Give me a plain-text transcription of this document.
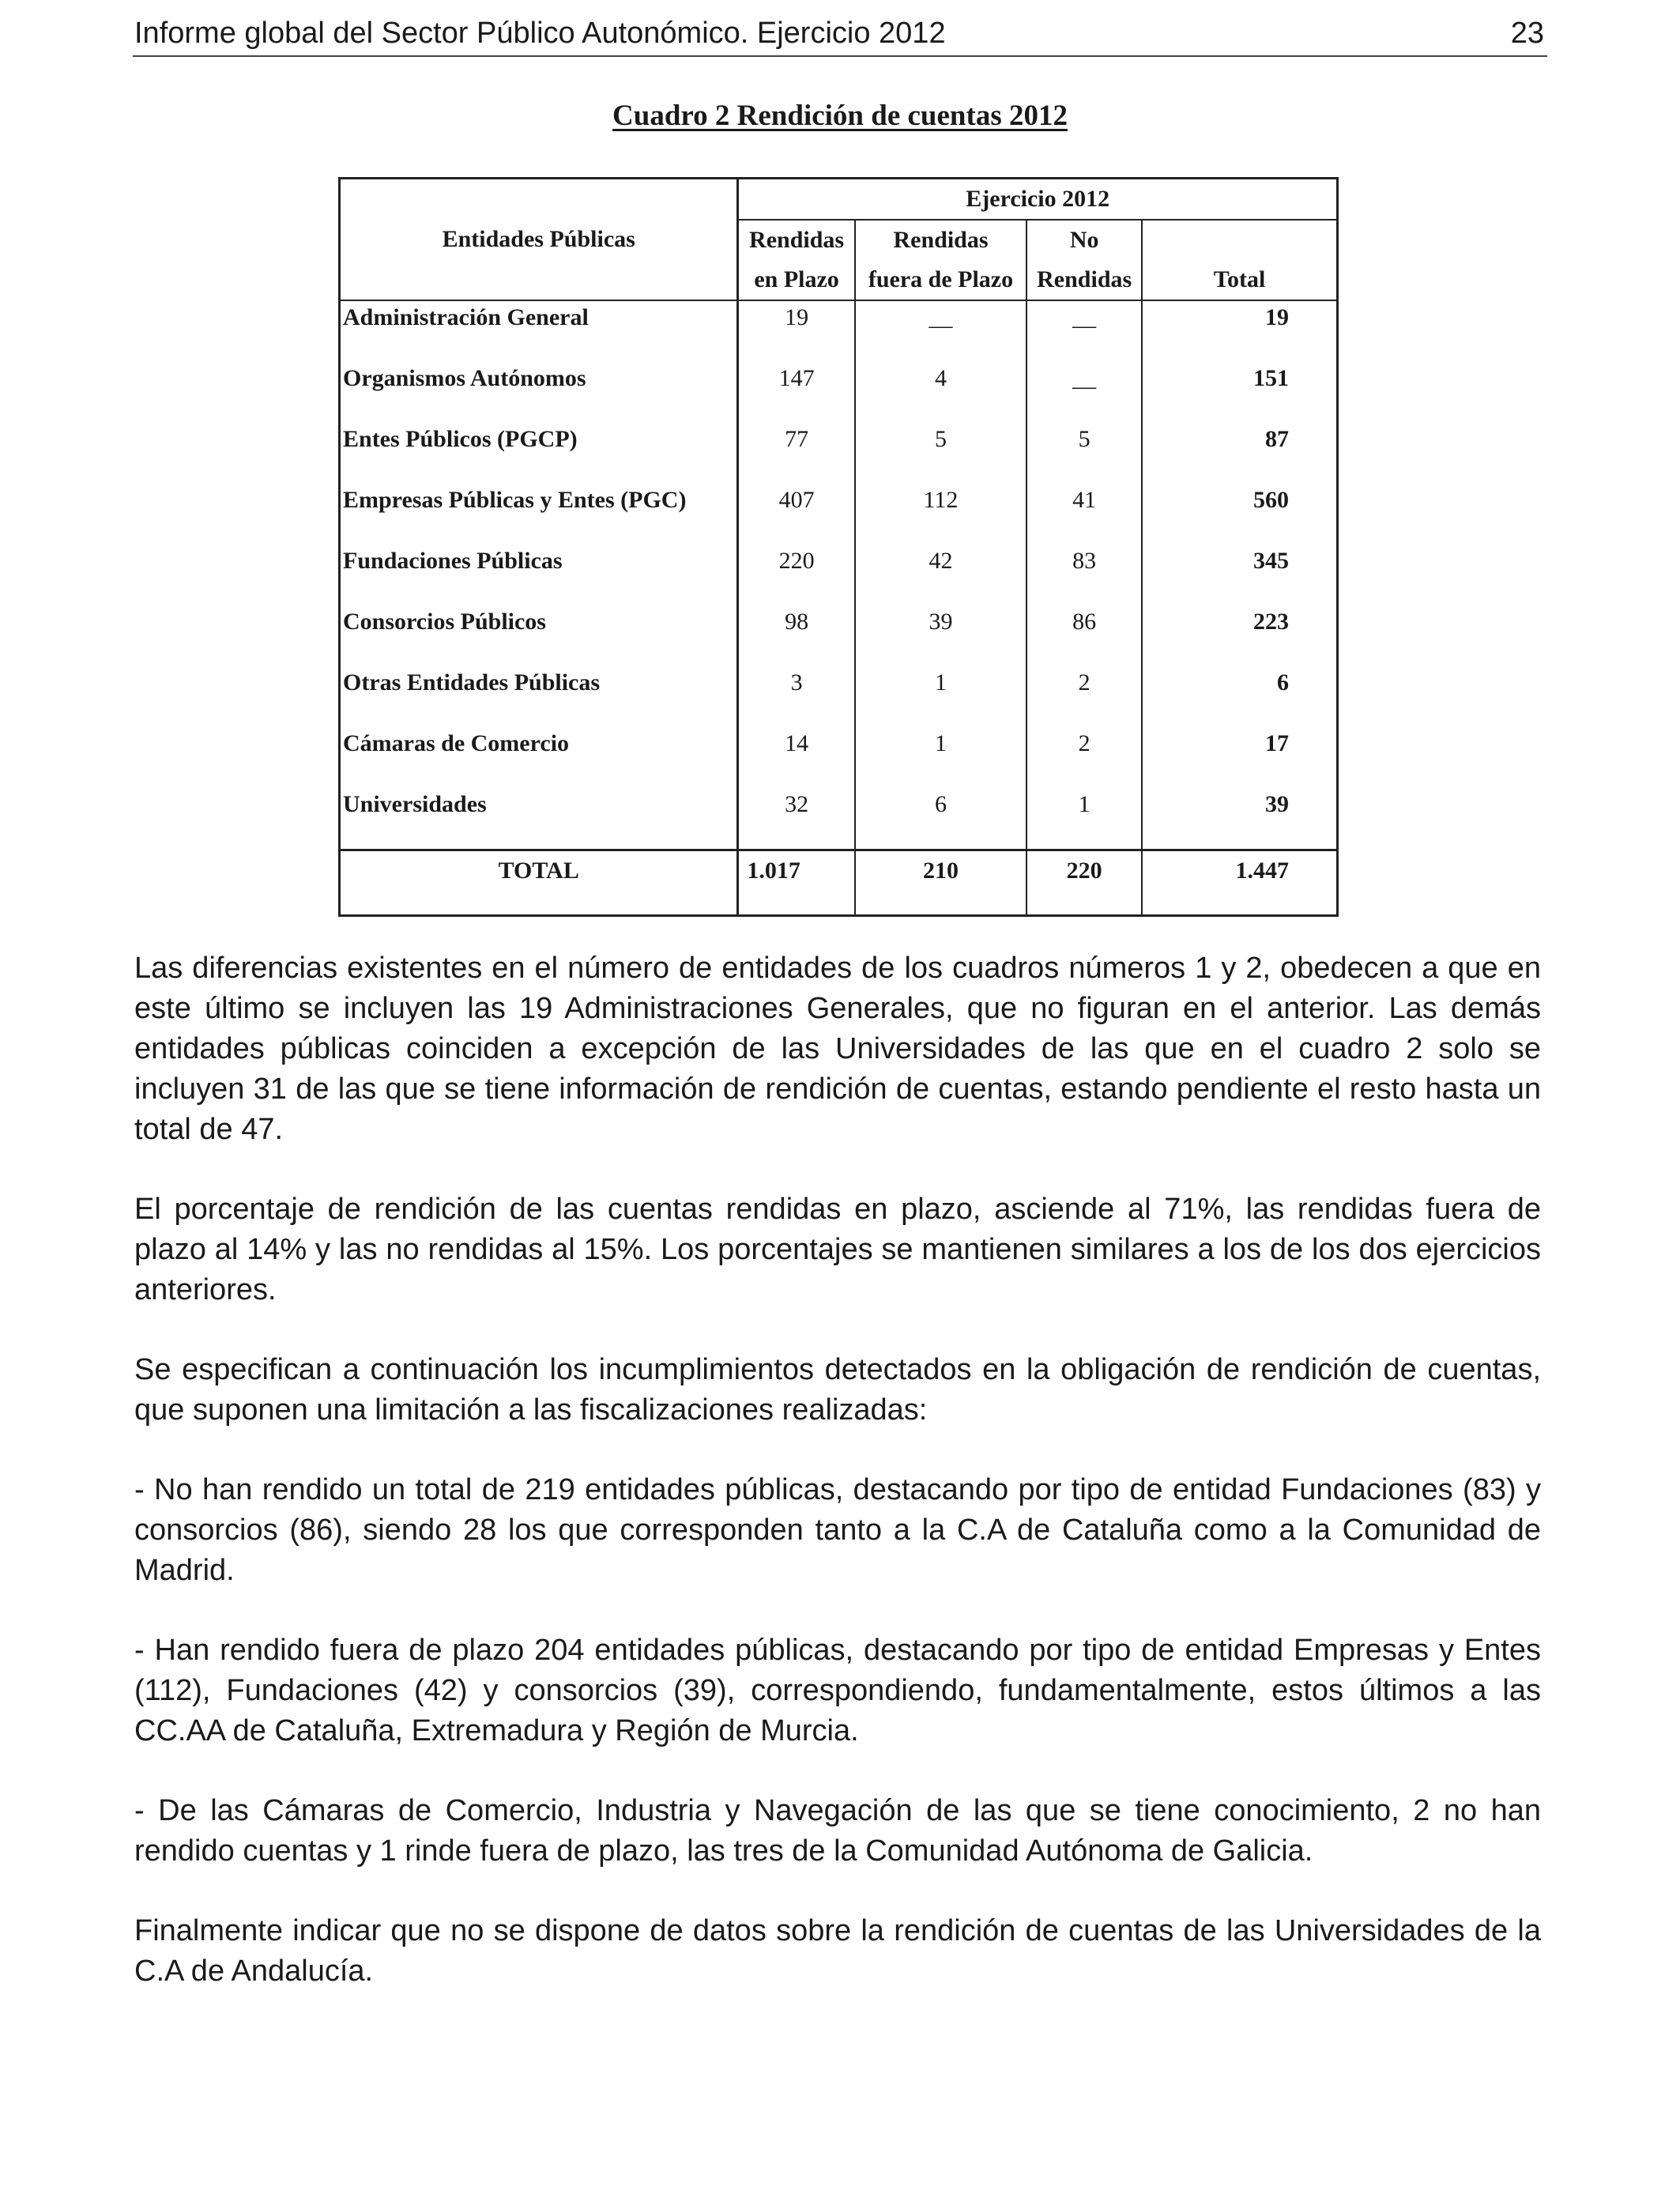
Informe global del Sector Público Autonómico. Ejercicio 2012	23
Cuadro 2 Rendición de cuentas 2012
Entidades Públicas	Ejercicio 2012			
	Rendidas	Rendidas	No	
	en Plazo	fuera de Plazo	Rendidas	Total
Administración General	19	__	__	19
Organismos Autónomos	147	4	__	151
Entes Públicos (PGCP)	77	5	5	87
Empresas Públicas y Entes (PGC)	407	112	41	560
Fundaciones Públicas	220	42	83	345
Consorcios Públicos	98	39	86	223
Otras Entidades Públicas	3	1	2	6
Cámaras de Comercio	14	1	2	17
Universidades	32	6	1	39
TOTAL	1.017	210	220	1.447

Las diferencias existentes en el número de entidades de los cuadros números 1 y 2, obedecen a que en este último se incluyen las 19 Administraciones Generales, que no figuran en el anterior. Las demás entidades públicas coinciden a excepción de las Universidades de las que en el cuadro 2 solo se incluyen 31 de las que se tiene información de rendición de cuentas, estando pendiente el resto hasta un total de 47.

El porcentaje de rendición de las cuentas rendidas en plazo, asciende al 71%, las rendidas fuera de plazo al 14% y las no rendidas al 15%. Los porcentajes se mantienen similares a los de los dos ejercicios anteriores.

Se especifican a continuación los incumplimientos detectados en la obligación de rendición de cuentas, que suponen una limitación a las fiscalizaciones realizadas:

- No han rendido un total de 219 entidades públicas, destacando por tipo de entidad Fundaciones (83) y consorcios (86), siendo 28 los que corresponden tanto a la C.A de Cataluña como a la Comunidad de Madrid.

- Han rendido fuera de plazo 204 entidades públicas, destacando por tipo de entidad Empresas y Entes (112), Fundaciones (42) y consorcios (39), correspondiendo, fundamentalmente, estos últimos a las CC.AA de Cataluña, Extremadura y Región de Murcia.

- De las Cámaras de Comercio, Industria y Navegación de las que se tiene conocimiento, 2 no han rendido cuentas y 1 rinde fuera de plazo, las tres de la Comunidad Autónoma de Galicia.

Finalmente indicar que no se dispone de datos sobre la rendición de cuentas de las Universidades de la C.A de Andalucía.
